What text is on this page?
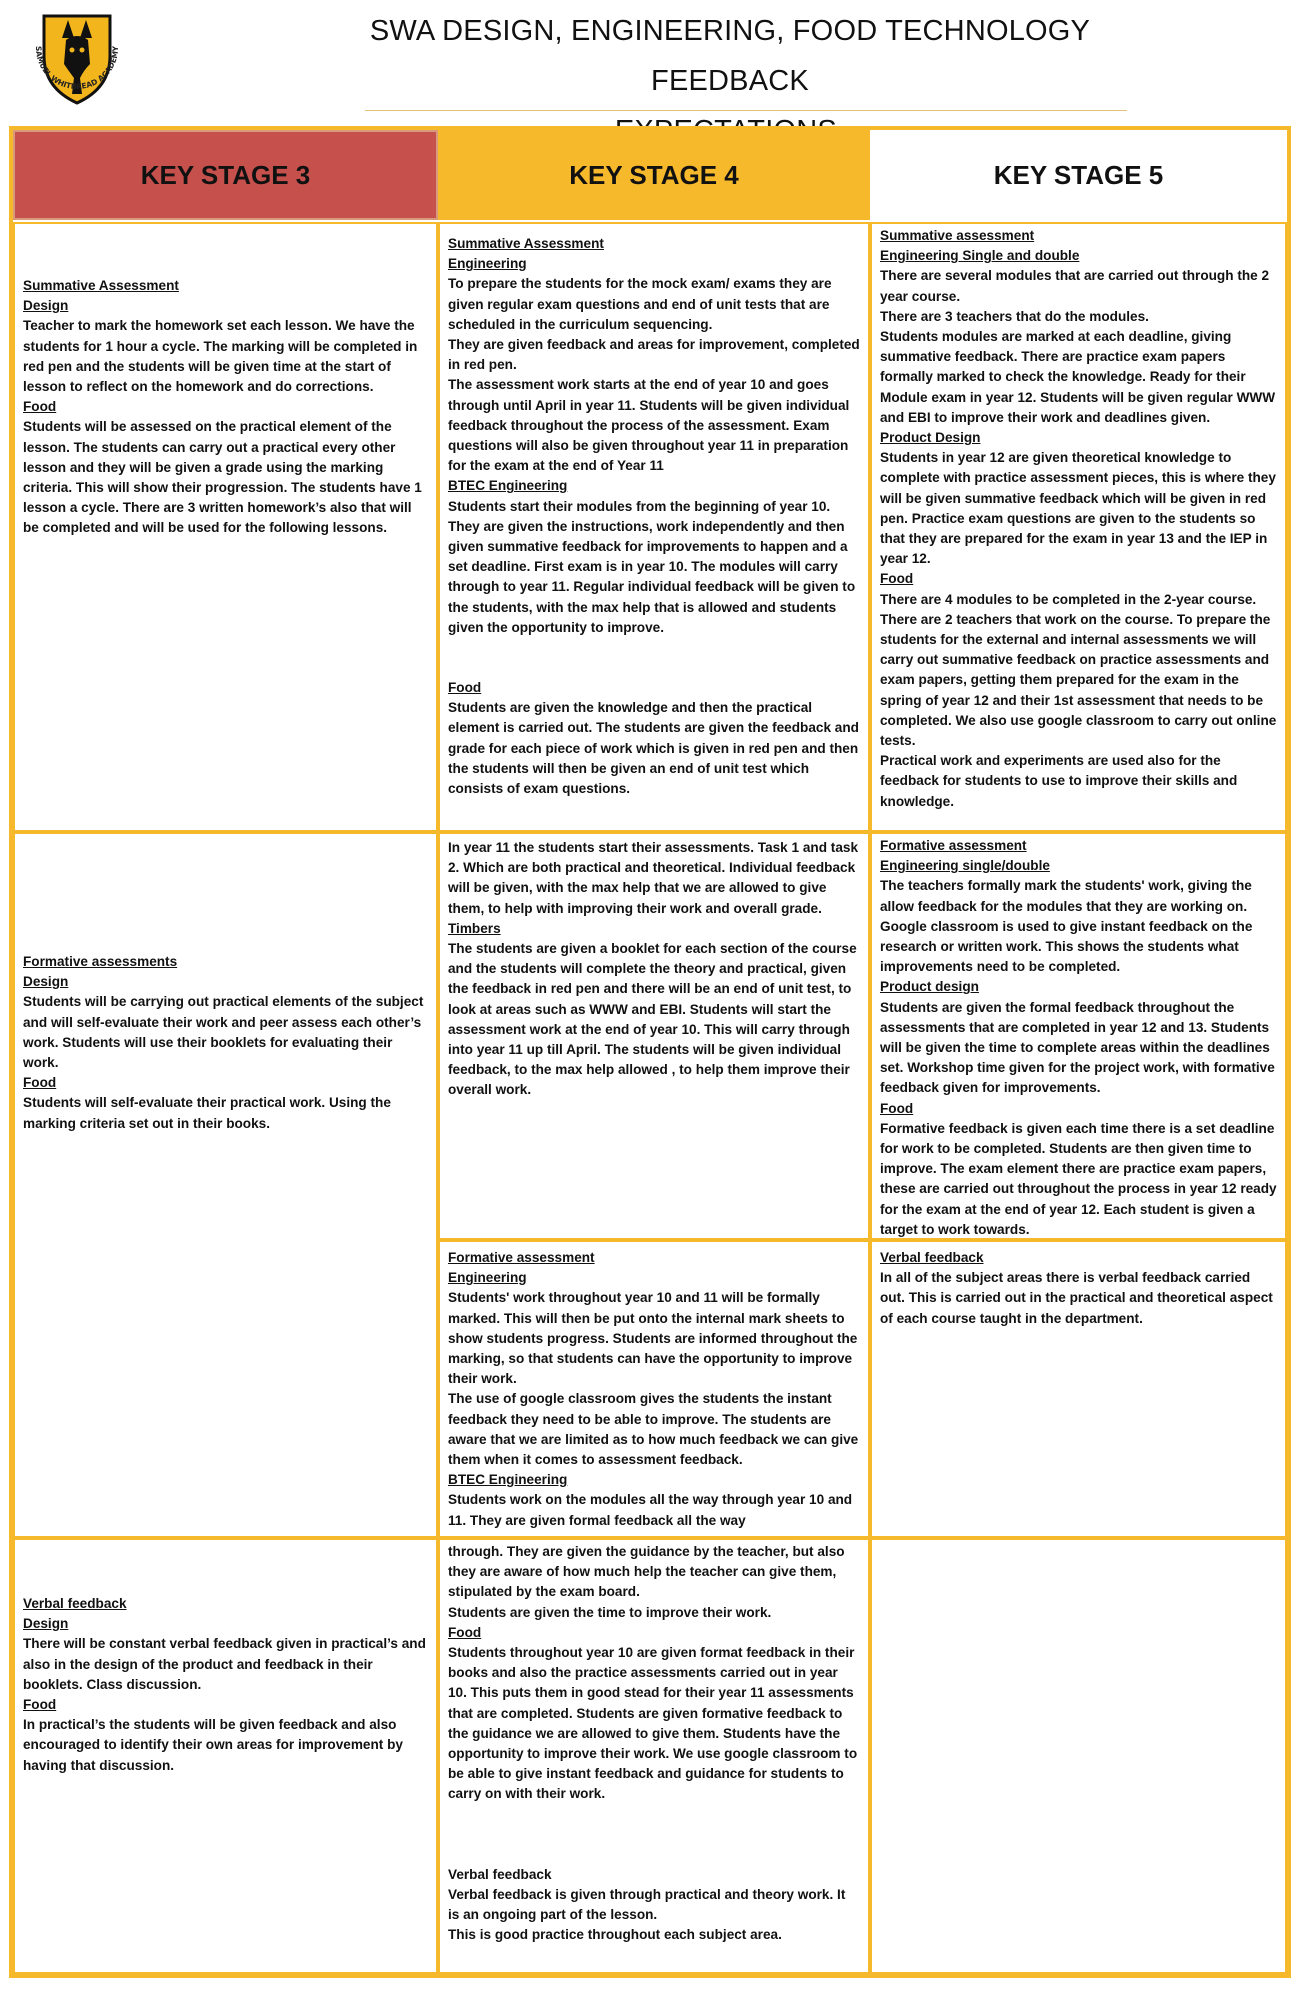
SAMUEL WHITBREAD ACADEMY
SWA DESIGN, ENGINEERING, FOOD TECHNOLOGY FEEDBACK
KEY STAGE 3	KEY STAGE 4	KEY STAGE 5
Summative Assessment
Design
Teacher to mark the homework set each lesson. We have the students for 1 hour a cycle. The marking will be completed in red pen and the students will be given time at the start of lesson to reflect on the homework and do corrections.
Food
Students will be assessed on the practical element of the lesson. The students can carry out a practical every other lesson and they will be given a grade using the marking criteria. This will show their progression. The students have 1 lesson a cycle. There are 3 written homework’s also that will be completed and will be used for the following lessons.
Formative assessments
Design
Students will be carrying out practical elements of the subject and will self-evaluate their work and peer assess each other’s work. Students will use their booklets for evaluating their work.
Food
Students will self-evaluate their practical work. Using the marking criteria set out in their books.
Verbal feedback
Design
There will be constant verbal feedback given in practical’s and also in the design of the product and feedback in their booklets. Class discussion.
Food
In practical’s the students will be given feedback and also encouraged to identify their own areas for improvement by having that discussion.
Summative Assessment
Engineering
To prepare the students for the mock exam/ exams they are given regular exam questions and end of unit tests that are scheduled in the curriculum sequencing.
They are given feedback and areas for improvement, completed in red pen.
The assessment work starts at the end of year 10 and goes through until April in year 11. Students will be given individual feedback throughout the process of the assessment. Exam questions will also be given throughout year 11 in preparation for the exam at the end of Year 11
BTEC Engineering
Students start their modules from the beginning of year 10. They are given the instructions, work independently and then given summative feedback for improvements to happen and a set deadline. First exam is in year 10. The modules will carry through to year 11. Regular individual feedback will be given to the students, with the max help that is allowed and students given the opportunity to improve.
Food
Students are given the knowledge and then the practical element is carried out. The students are given the feedback and grade for each piece of work which is given in red pen and then the students will then be given an end of unit test which consists of exam questions.
In year 11 the students start their assessments. Task 1 and task 2. Which are both practical and theoretical. Individual feedback will be given, with the max help that we are allowed to give them, to help with improving their work and overall grade.
Timbers
The students are given a booklet for each section of the course and the students will complete the theory and practical, given the feedback in red pen and there will be an end of unit test, to look at areas such as WWW and EBI. Students will start the assessment work at the end of year 10. This will carry through into year 11 up till April. The students will be given individual feedback, to the max help allowed , to help them improve their overall work.
Formative assessment
Engineering
Students' work throughout year 10 and 11 will be formally marked. This will then be put onto the internal mark sheets to show students progress. Students are informed throughout the marking, so that students can have the opportunity to improve their work.
The use of google classroom gives the students the instant feedback they need to be able to improve. The students are aware that we are limited as to how much feedback we can give them when it comes to assessment feedback.
BTEC Engineering
Students work on the modules all the way through year 10 and 11. They are given formal feedback all the way
through. They are given the guidance by the teacher, but also they are aware of how much help the teacher can give them, stipulated by the exam board.
Students are given the time to improve their work.
Food
Students throughout year 10 are given format feedback in their books and also the practice assessments carried out in year 10. This puts them in good stead for their year 11 assessments that are completed. Students are given formative feedback to the guidance we are allowed to give them. Students have the opportunity to improve their work. We use google classroom to be able to give instant feedback and guidance for students to carry on with their work.
Verbal feedback
Verbal feedback is given through practical and theory work. It is an ongoing part of the lesson.
This is good practice throughout each subject area.
Summative assessment
Engineering Single and double
There are several modules that are carried out through the 2 year course.
There are 3 teachers that do the modules.
Students modules are marked at each deadline, giving summative feedback. There are practice exam papers formally marked to check the knowledge. Ready for their Module exam in year 12. Students will be given regular WWW and EBI to improve their work and deadlines given.
Product Design
Students in year 12 are given theoretical knowledge to complete with practice assessment pieces, this is where they will be given summative feedback which will be given in red pen. Practice exam questions are given to the students so that they are prepared for the exam in year 13 and the IEP in year 12.
Food
There are 4 modules to be completed in the 2-year course. There are 2 teachers that work on the course. To prepare the students for the external and internal assessments we will carry out summative feedback on practice assessments and exam papers, getting them prepared for the exam in the spring of year 12 and their 1st assessment that needs to be completed. We also use google classroom to carry out online tests.
Practical work and experiments are used also for the feedback for students to use to improve their skills and knowledge.
Formative assessment
Engineering single/double
The teachers formally mark the students' work, giving the allow feedback for the modules that they are working on. Google classroom is used to give instant feedback on the research or written work. This shows the students what improvements need to be completed.
Product design
Students are given the formal feedback throughout the assessments that are completed in year 12 and 13. Students will be given the time to complete areas within the deadlines set. Workshop time given for the project work, with formative feedback given for improvements.
Food
Formative feedback is given each time there is a set deadline for work to be completed. Students are then given time to improve. The exam element there are practice exam papers, these are carried out throughout the process in year 12 ready for the exam at the end of year 12. Each student is given a target to work towards.
Verbal feedback
In all of the subject areas there is verbal feedback carried out. This is carried out in the practical and theoretical aspect of each course taught in the department.
